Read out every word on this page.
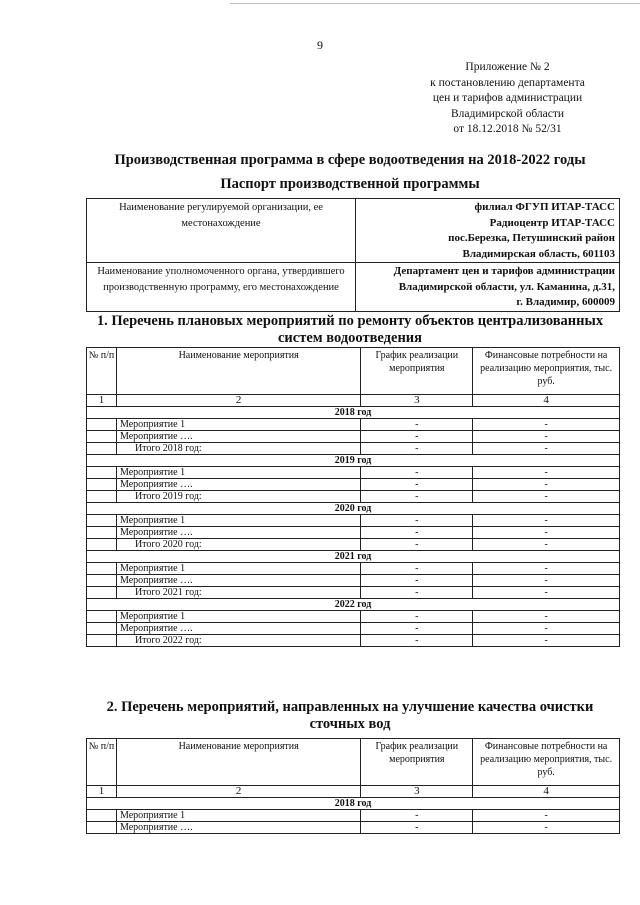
9
Приложение № 2
к постановлению департамента
цен и тарифов администрации
Владимирской области
от 18.12.2018 № 52/31
Производственная программа в сфере водоотведения на 2018-2022 годы
Паспорт производственной программы
Наименование регулируемой организации, ее местонахождение	филиал ФГУП ИТАР-ТАСС
Радиоцентр ИТАР-ТАСС
пос.Березка, Петушинский район
Владимирская область, 601103

Наименование уполномоченного органа, утвердившего производственную программу, его местонахождение	Департамент цен и тарифов администрации
Владимирской области, ул. Каманина, д.31,
г. Владимир, 600009
1. Перечень плановых мероприятий по ремонту объектов централизованных систем водоотведения
№ п/п	Наименование мероприятия	График реализации мероприятия	Финансовые потребности на реализацию мероприятия, тыс. руб.
1	2	3	4
2018 год			
	Мероприятие 1	-	-
	Мероприятие ….	-	-
	Итого 2018 год:	-	-
2019 год			
	Мероприятие 1	-	-
	Мероприятие ….	-	-
	Итого 2019 год:	-	-
2020 год			
	Мероприятие 1	-	-
	Мероприятие ….	-	-
	Итого 2020 год:	-	-
2021 год			
	Мероприятие 1	-	-
	Мероприятие ….	-	-
	Итого 2021 год:	-	-
2022 год			
	Мероприятие 1	-	-
	Мероприятие ….	-	-
	Итого 2022 год:	-	-
2. Перечень мероприятий, направленных на улучшение качества очистки сточных вод
№ п/п	Наименование мероприятия	График реализации мероприятия	Финансовые потребности на реализацию мероприятия, тыс. руб.
1	2	3	4
2018 год			
	Мероприятие 1	-	-
	Мероприятие ….	-	-
